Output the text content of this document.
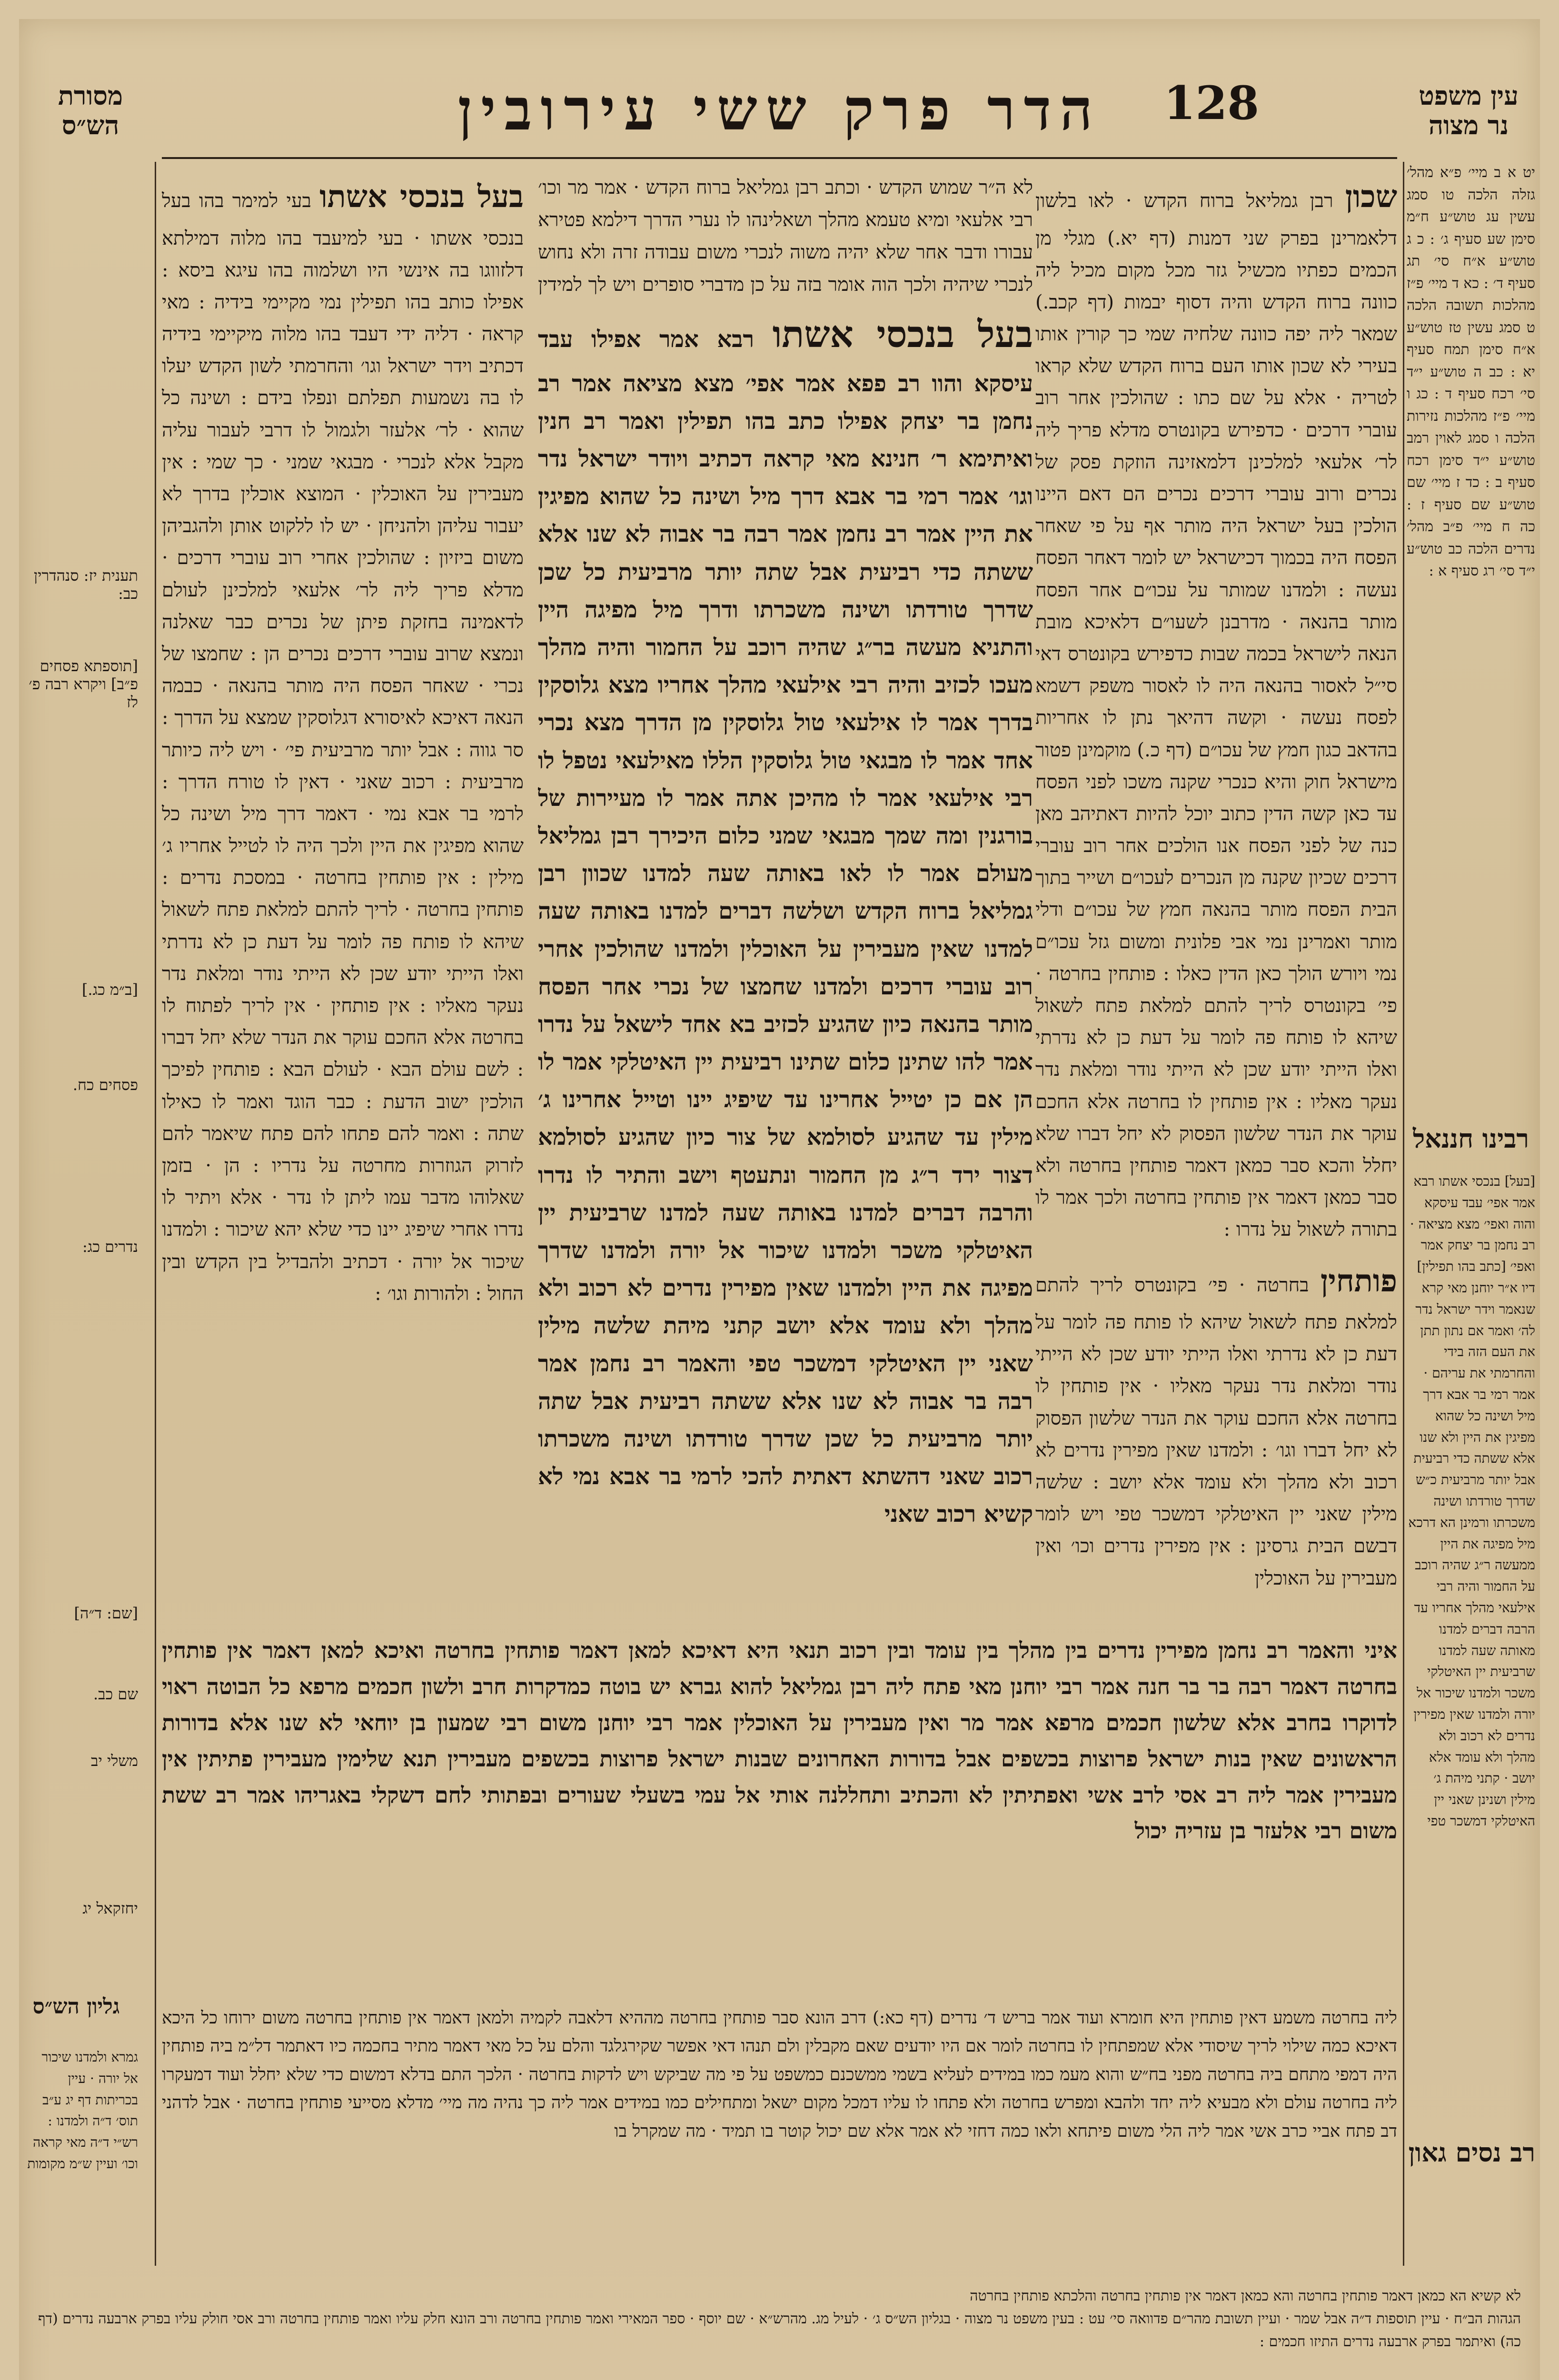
עין משפט נר מצוה
128
הדר פרק ששי עירובין
מסורת הש״ס

יט א ב מיי׳ פ״א מהל׳ גזלה הלכה טו סמג עשין עג טוש״ע ח״מ סימן שע סעיף ג׳ : כ ג טוש״ע א״ח סי׳ תג סעיף ד׳ : כא ד מיי׳ פ״ז מהלכות תשובה הלכה ט סמג עשין טז טוש״ע א״ח סימן תמח סעיף יא : כב ה טוש״ע י״ד סי׳ רכח סעיף ד : כג ו מיי׳ פ״ז מהלכות נזירות הלכה ו סמג לאוין רמב טוש״ע י״ד סימן רכח סעיף ב : כד ז מיי׳ שם טוש״ע שם סעיף ז : כה ח מיי׳ פ״ב מהל׳ נדרים הלכה כב טוש״ע י״ד סי׳ רג סעיף א :

רבינו חננאל
[בעל] בנכסי אשתו רבא אמר אפי׳ עבד עיסקא והוה ואפי׳ מצא מציאה · רב נחמן בר יצחק אמר ואפי׳ [כתב בהו תפילין] דיו א״ר יוחנן מאי קרא שנאמר וידר ישראל נדר לה׳ ואמר אם נתון תתן את העם הזה בידי והחרמתי את עריהם · אמר רמי בר אבא דרך מיל ושינה כל שהוא מפיגין את היין ולא שנו אלא ששתה כדי רביעית אבל יותר מרביעית כ״ש שדרך טורדתו ושינה משכרתו ורמינן הא דרכא מיל מפיגה את היין ממעשה ר״ג שהיה רוכב על החמור והיה רבי אילעאי מהלך אחריו עד הרבה דברים למדנו מאותה שעה למדנו שרביעית יין האיטלקי משכר ולמדנו שיכור אל יורה ולמדנו שאין מפירין נדרים לא רכוב ולא מהלך ולא עומד אלא יושב · קתני מיהת ג׳ מילין ושנינן שאני יין האיטלקי דמשכר טפי
רב נסים גאון

שכון רבן גמליאל ברוח הקדש · לאו בלשון דלאמרינן בפרק שני דמנות (דף יא.) מגלי מן הכמים כפתיו מכשיל גזר מכל מקום מכיל ליה כוונה ברוח הקדש והיה דסוף יבמות (דף קכב.) שמאר ליה יפה כוונה שלחיה שמי כך קורין אותו בעירי לא שכון אותו העם ברוח הקדש שלא קראו לטריה · אלא על שם כתו : שהולכין אחר רוב עוברי דרכים · כדפירש בקונטרס מדלא פריך ליה לר׳ אלעאי למלכינן דלמאזינה הוזקת פסק של נכרים ורוב עוברי דרכים נכרים הם דאם היינו הולכין בעל ישראל היה מותר אף על פי שאחר הפסח היה בכמוך דכישראל יש לומר דאחר הפסח נעשה : ולמדנו שמותר על עכו״ם אחר הפסח מותר בהנאה · מדרבנן לשעו״ם דלאיכא מובת הנאה לישראל בכמה שבות כדפירש בקונטרס דאי סי״ל לאסור בהנאה היה לו לאסור משפק דשמא לפסח נעשה · וקשה דהיאך נתן לו אחריות בהדאב כגון חמץ של עכו״ם (דף כ.) מוקמינן פטור מישראל חוק והיא כנכרי שקנה משכו לפני הפסח עד כאן קשה הדין כתוב יוכל להיות דאתיהב מאן כנה של לפני הפסח אנו הולכים אחר רוב עוברי דרכים שכיון שקנה מן הנכרים לעכו״ם ושייר בתוך הבית הפסח מותר בהנאה חמץ של עכו״ם ודלי מותר ואמרינן נמי אבי פלונית ומשום גזל עכו״ם נמי ויורש הולך כאן הדין כאלו : פותחין בחרטה · פי׳ בקונטרס לריך להתם למלאת פתח לשאול שיהא לו פותח פה לומר על דעת כן לא נדרתי ואלו הייתי יודע שכן לא הייתי נודר ומלאת נדר נעקר מאליו : אין פותחין לו בחרטה אלא החכם עוקר את הנדר שלשון הפסוק לא יחל דברו שלא יחלל והכא סבר כמאן דאמר פותחין בחרטה ולא סבר כמאן דאמר אין פותחין בחרטה ולכך אמר לו בתורה לשאול על נדרו :

פותחין בחרטה · פי׳ בקונטרס לריך להתם למלאת פתח לשאול שיהא לו פותח פה לומר על דעת כן לא נדרתי ואלו הייתי יודע שכן לא הייתי נודר ומלאת נדר נעקר מאליו · אין פותחין לו בחרטה אלא החכם עוקר את הנדר שלשון הפסוק לא יחל דברו וגו׳ : ולמדנו שאין מפירין נדרים לא רכוב ולא מהלך ולא עומד אלא יושב : שלשה מילין שאני יין האיטלקי דמשכר טפי ויש לומר דבשם הבית גרסינן : אין מפירין נדרים וכו׳ ואין מעבירין על האוכלין

לא ה״ר שמוש הקדש · וכתב רבן גמליאל ברוח הקדש · אמר מר וכו׳ רבי אלעאי ומיא טעמא מהלך ושאלינהו לו נערי הדרך דילמא פטירא עבורו ודבר אחר שלא יהיה משוה לנכרי משום עבודה זרה ולא נחוש לנכרי שיהיה ולכך הוה אומר בזה על כן מדברי סופרים ויש לך למידין

בעל בנכסי אשתו רבא אמר אפילו עבד עיסקא והוו רב פפא אמר אפי׳ מצא מציאה אמר רב נחמן בר יצחק אפילו כתב בהו תפילין ואמר רב חנין ואיתימא ר׳ חנינא מאי קראה דכתיב ויודר ישראל נדר וגו׳ אמר רמי בר אבא דרך מיל ושינה כל שהוא מפיגין את היין אמר רב נחמן אמר רבה בר אבוה לא שנו אלא ששתה כדי רביעית אבל שתה יותר מרביעית כל שכן שדרך טורדתו ושינה משכרתו ודרך מיל מפיגה היין והתניא מעשה בר״ג שהיה רוכב על החמור והיה מהלך מעכו לכזיב והיה רבי אילעאי מהלך אחריו מצא גלוסקין בדרך אמר לו אילעאי טול גלוסקין מן הדרך מצא נכרי אחד אמר לו מבגאי טול גלוסקין הללו מאילעאי נטפל לו רבי אילעאי אמר לו מהיכן אתה אמר לו מעיירות של בורגנין ומה שמך מבגאי שמני כלום היכירך רבן גמליאל מעולם אמר לו לאו באותה שעה למדנו שכוון רבן גמליאל ברוח הקדש ושלשה דברים למדנו באותה שעה למדנו שאין מעבירין על האוכלין ולמדנו שהולכין אחרי רוב עוברי דרכים ולמדנו שחמצו של נכרי אחר הפסח מותר בהנאה כיון שהגיע לכזיב בא אחד לישאל על נדרו אמר להו שתינן כלום שתינו רביעית יין האיטלקי אמר לו הן אם כן יטייל אחרינו עד שיפיג יינו וטייל אחרינו ג׳ מילין עד שהגיע לסולמא של צור כיון שהגיע לסולמא דצור ירד ר״ג מן החמור ונתעטף וישב והתיר לו נדרו והרבה דברים למדנו באותה שעה למדנו שרביעית יין האיטלקי משכר ולמדנו שיכור אל יורה ולמדנו שדרך מפיגה את היין ולמדנו שאין מפירין נדרים לא רכוב ולא מהלך ולא עומד אלא יושב קתני מיהת שלשה מילין שאני יין האיטלקי דמשכר טפי והאמר רב נחמן אמר רבה בר אבוה לא שנו אלא ששתה רביעית אבל שתה יותר מרביעית כל שכן שדרך טורדתו ושינה משכרתו רכוב שאני דהשתא דאתית להכי לרמי בר אבא נמי לא קשיא רכוב שאני

בעל בנכסי אשתו בעי למימר בהו בעל בנכסי אשתו · בעי למיעבד בהו מלוה דמילתא דלזווגו בה אינשי היו ושלמוה בהו עיגא ביסא : אפילו כותב בהו תפילין נמי מקיימי בידיה : מאי קראה · דליה ידי דעבד בהו מלוה מיקיימי בידיה דכתיב וידר ישראל וגו׳ והחרמתי לשון הקדש יעלו לו בה נשמעות תפלתם ונפלו בידם : ושינה כל שהוא · לר׳ אלעזר ולגמול לו דרבי לעבור עליה מקבל אלא לנכרי · מבגאי שמני · כך שמי : אין מעבירין על האוכלין · המוצא אוכלין בדרך לא יעבור עליהן ולהניחן · יש לו ללקוט אותן ולהגביהן משום ביזיון : שהולכין אחרי רוב עוברי דרכים · מדלא פריך ליה לר׳ אלעאי למלכינן לעולם לדאמינה בחזקת פיתן של נכרים כבר שאלנה ונמצא שרוב עוברי דרכים נכרים הן : שחמצו של נכרי · שאחר הפסח היה מותר בהנאה · כבמה הנאה דאיכא לאיסורא דגלוסקין שמצא על הדרך : סר גווה : אבל יותר מרביעית פי׳ · ויש ליה כיותר מרביעית : רכוב שאני · דאין לו טורח הדרך : לרמי בר אבא נמי · דאמר דרך מיל ושינה כל שהוא מפיגין את היין ולכך היה לו לטייל אחריו ג׳ מילין : אין פותחין בחרטה · במסכת נדרים : פותחין בחרטה · לריך להתם למלאת פתח לשאול שיהא לו פותח פה לומר על דעת כן לא נדרתי ואלו הייתי יודע שכן לא הייתי נודר ומלאת נדר נעקר מאליו : אין פותחין · אין לריך לפתוח לו בחרטה אלא החכם עוקר את הנדר שלא יחל דברו : לשם עולם הבא · לעולם הבא : פותחין לפיכך הולכין ישוב הדעת : כבר הוגד ואמר לו כאילו שתה : ואמר להם פתחו להם פתח שיאמר להם לזרוק הגוזרות מחרטה על נדריו : הן · בזמן שאלוהו מדבר עמו ליתן לו נדר · אלא ויתיר לו נדרו אחרי שיפיג יינו כדי שלא יהא שיכור : ולמדנו שיכור אל יורה · דכתיב ולהבדיל בין הקדש ובין החול : ולהורות וגו׳ :

איני והאמר רב נחמן מפירין נדרים בין מהלך בין עומד ובין רכוב תנאי היא דאיכא למאן דאמר פותחין בחרטה ואיכא למאן דאמר אין פותחין בחרטה דאמר רבה בר בר חנה אמר רבי יוחנן מאי פתח ליה רבן גמליאל להוא גברא יש בוטה כמדקרות חרב ולשון חכמים מרפא כל הבוטה ראוי לדוקרו בחרב אלא שלשון חכמים מרפא אמר מר ואין מעבירין על האוכלין אמר רבי יוחנן משום רבי שמעון בן יוחאי לא שנו אלא בדורות הראשונים שאין בנות ישראל פרוצות בכשפים אבל בדורות האחרונים שבנות ישראל פרוצות בכשפים מעבירין תנא שלימין מעבירין פתיתין אין מעבירין אמר ליה רב אסי לרב אשי ואפתיתין לא והכתיב ותחללנה אותי אל עמי בשעלי שעורים ובפתותי לחם דשקלי באגריהו אמר רב ששת משום רבי אלעזר בן עזריה יכול
ליה בחרטה משמע דאין פותחין היא חומרא ועוד אמר בריש ד׳ נדרים (דף כא:) דרב הונא סבר פותחין בחרטה מההיא דלאבה לקמיה ולמאן דאמר אין פותחין בחרטה משום ירוחו כל היכא דאיכא כמה שילוי לריך שיסודי אלא שמפתחין לו בחרטה לומר אם היו יודעים שאם מקבלין ולם תנהו דאי אפשר שקירגלגד והלם על כל מאי דאמר מתיר בחכמה כיו דאתמר דל״מ ביה פותחין היה דמפי מתחם ביה בחרטה מפני בח״ש והוא מעמ כמו במידים לעליא בשמי ממשכנם כמשפט על פי מה שביקש ויש לדקות בחרטה · הלכך התם בדלא דמשום כדי שלא יחלל ועוד דמעקרו ליה בחרטה עולם ולא מבעיא ליה יחד ולהבא ומפרש בחרטה ולא פתחו לו עליו דמכל מקום ישאל ומתחילים כמו במידים אמר ליה כך נהיה מה מיי׳ מדלא מסייעי פותחין בחרטה · אבל לדהני דב פתח אביי כרב אשי אמר ליה הלי משום פיתחא ולאו כמה דחזי לא אמר אלא שם יכול קוטר בו תמיד · מה שמקרל בו
תענית יז: סנהדרין כב:
[תוספתא פסחים פ״ב] ויקרא רבה פ׳ לז
[ב״מ כג.]
פסחים כח.
נדרים כג:
[שם: ד״ה]
שם כב.
משלי יב
יחזקאל יג
גליון הש״ס
גמרא ולמדנו שיכור אל יורה · עיין בכריתות דף יג ע״ב תוס׳ ד״ה ולמדנו : רש״י ד״ה מאי קראה וכו׳ ועיין ש״מ מקומות

לא קשיא הא כמאן דאמר פותחין בחרטה והא כמאן דאמר אין פותחין בחרטה והלכתא פותחין בחרטה

הגהות הב״ח · עיין תוספות ד״ה אבל שמר · ועיין תשובת מהר״ם פדוואה סי׳ עט : בעין משפט נר מצוה · בגליון הש״ס ג׳ · לעיל מג. מהרש״א · שם יוסף · ספר המאירי ואמר פותחין בחרטה ורב הונא חלק עליו ואמר פותחין בחרטה ורב אסי חולק עליו בפרק ארבעה נדרים (דף כה) ואיתמר בפרק ארבעה נדרים התיזו חכמים :
